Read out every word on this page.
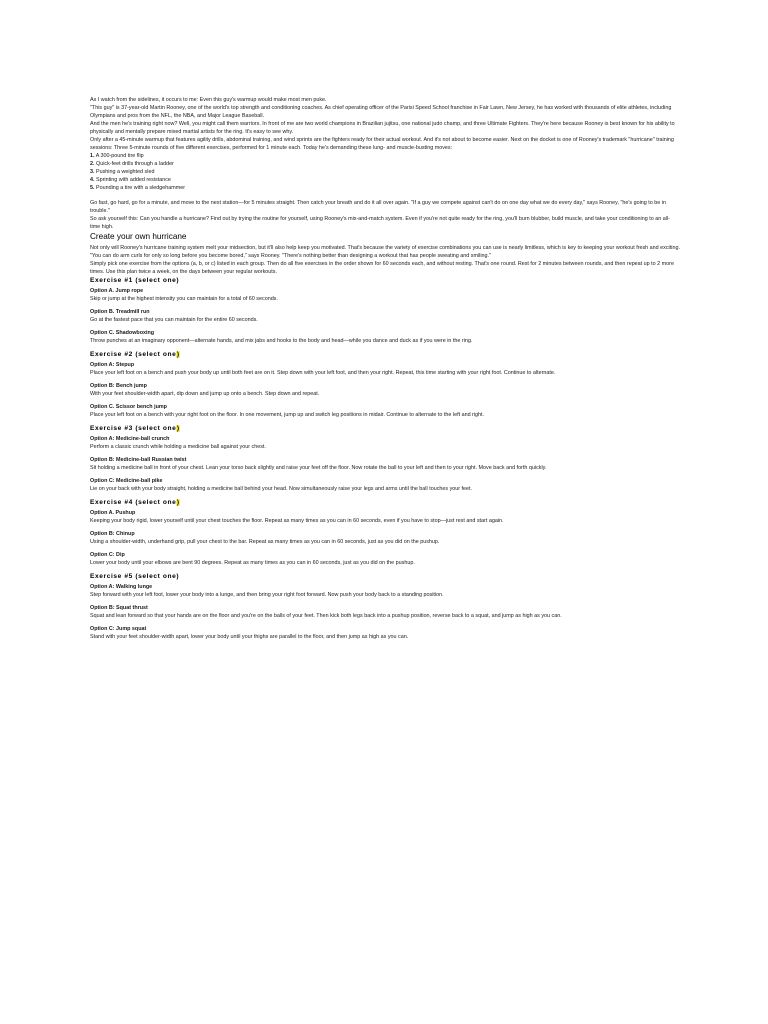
As I watch from the sidelines, it occurs to me: Even this guy's warmup would make most men puke.

"This guy" is 37-year-old Martin Rooney, one of the world's top strength and conditioning coaches. As chief operating officer of the Parisi Speed School franchise in Fair Lawn, New Jersey, he has worked with thousands of elite athletes, including Olympians and pros from the NFL, the NBA, and Major League Baseball.

And the men he's training right now? Well, you might call them warriors. In front of me are two world champions in Brazilian jujitsu, one national judo champ, and three Ultimate Fighters. They're here because Rooney is best known for his ability to physically and mentally prepare mixed martial artists for the ring. It's easy to see why.

Only after a 45-minute warmup that features agility drills, abdominal training, and wind sprints are the fighters ready for their actual workout. And it's not about to become easier. Next on the docket is one of Rooney's trademark "hurricane" training sessions: Three 5-minute rounds of five different exercises, performed for 1 minute each. Today he's demanding these lung- and muscle-busting moves:

1. A 300-pound tire flip
2. Quick-feet drills through a ladder
3. Pushing a weighted sled
4. Sprinting with added resistance
5. Pounding a tire with a sledgehammer

Go fast, go hard, go for a minute, and move to the next station—for 5 minutes straight. Then catch your breath and do it all over again. "If a guy we compete against can't do on one day what we do every day," says Rooney, "he's going to be in trouble."

So ask yourself this: Can you handle a hurricane? Find out by trying the routine for yourself, using Rooney's mix-and-match system. Even if you're not quite ready for the ring, you'll burn blubber, build muscle, and take your conditioning to an all-time high.

Create your own hurricane

Not only will Rooney's hurricane training system melt your midsection, but it'll also help keep you motivated. That's because the variety of exercise combinations you can use is nearly limitless, which is key to keeping your workout fresh and exciting. "You can do arm curls for only so long before you become bored," says Rooney. "There's nothing better than designing a workout that has people sweating and smiling."

Simply pick one exercise from the options (a, b, or c) listed in each group. Then do all five exercises in the order shown for 60 seconds each, and without resting. That's one round. Rest for 2 minutes between rounds, and then repeat up to 2 more times. Use this plan twice a week, on the days between your regular workouts.

Exercise #1 (select one)
Option A. Jump rope
Skip or jump at the highest intensity you can maintain for a total of 60 seconds.
Option B. Treadmill run
Go at the fastest pace that you can maintain for the entire 60 seconds.
Option C. Shadowboxing
Throw punches at an imaginary opponent—alternate hands, and mix jabs and hooks to the body and head—while you dance and duck as if you were in the ring.
Exercise #2 (select one)
Option A: Stepup
Place your left foot on a bench and push your body up until both feet are on it. Step down with your left foot, and then your right. Repeat, this time starting with your right foot. Continue to alternate.
Option B: Bench jump
With your feet shoulder-width apart, dip down and jump up onto a bench. Step down and repeat.
Option C. Scissor bench jump
Place your left foot on a bench with your right foot on the floor. In one movement, jump up and switch leg positions in midair. Continue to alternate to the left and right.
Exercise #3 (select one)
Option A: Medicine-ball crunch
Perform a classic crunch while holding a medicine ball against your chest.
Option B: Medicine-ball Russian twist
Sit holding a medicine ball in front of your chest. Lean your torso back slightly and raise your feet off the floor. Now rotate the ball to your left and then to your right. Move back and forth quickly.
Option C: Medicine-ball pike
Lie on your back with your body straight, holding a medicine ball behind your head. Now simultaneously raise your legs and arms until the ball touches your feet.
Exercise #4 (select one)
Option A. Pushup
Keeping your body rigid, lower yourself until your chest touches the floor. Repeat as many times as you can in 60 seconds, even if you have to stop—just rest and start again.
Option B: Chinup
Using a shoulder-width, underhand grip, pull your chest to the bar. Repeat as many times as you can in 60 seconds, just as you did on the pushup.
Option C: Dip
Lower your body until your elbows are bent 90 degrees. Repeat as many times as you can in 60 seconds, just as you did on the pushup.
Exercise #5 (select one)
Option A: Walking lunge
Step forward with your left foot, lower your body into a lunge, and then bring your right foot forward. Now push your body back to a standing position.
Option B: Squat thrust
Squat and lean forward so that your hands are on the floor and you're on the balls of your feet. Then kick both legs back into a pushup position, reverse back to a squat, and jump as high as you can.
Option C: Jump squat
Stand with your feet shoulder-width apart, lower your body until your thighs are parallel to the floor, and then jump as high as you can.
